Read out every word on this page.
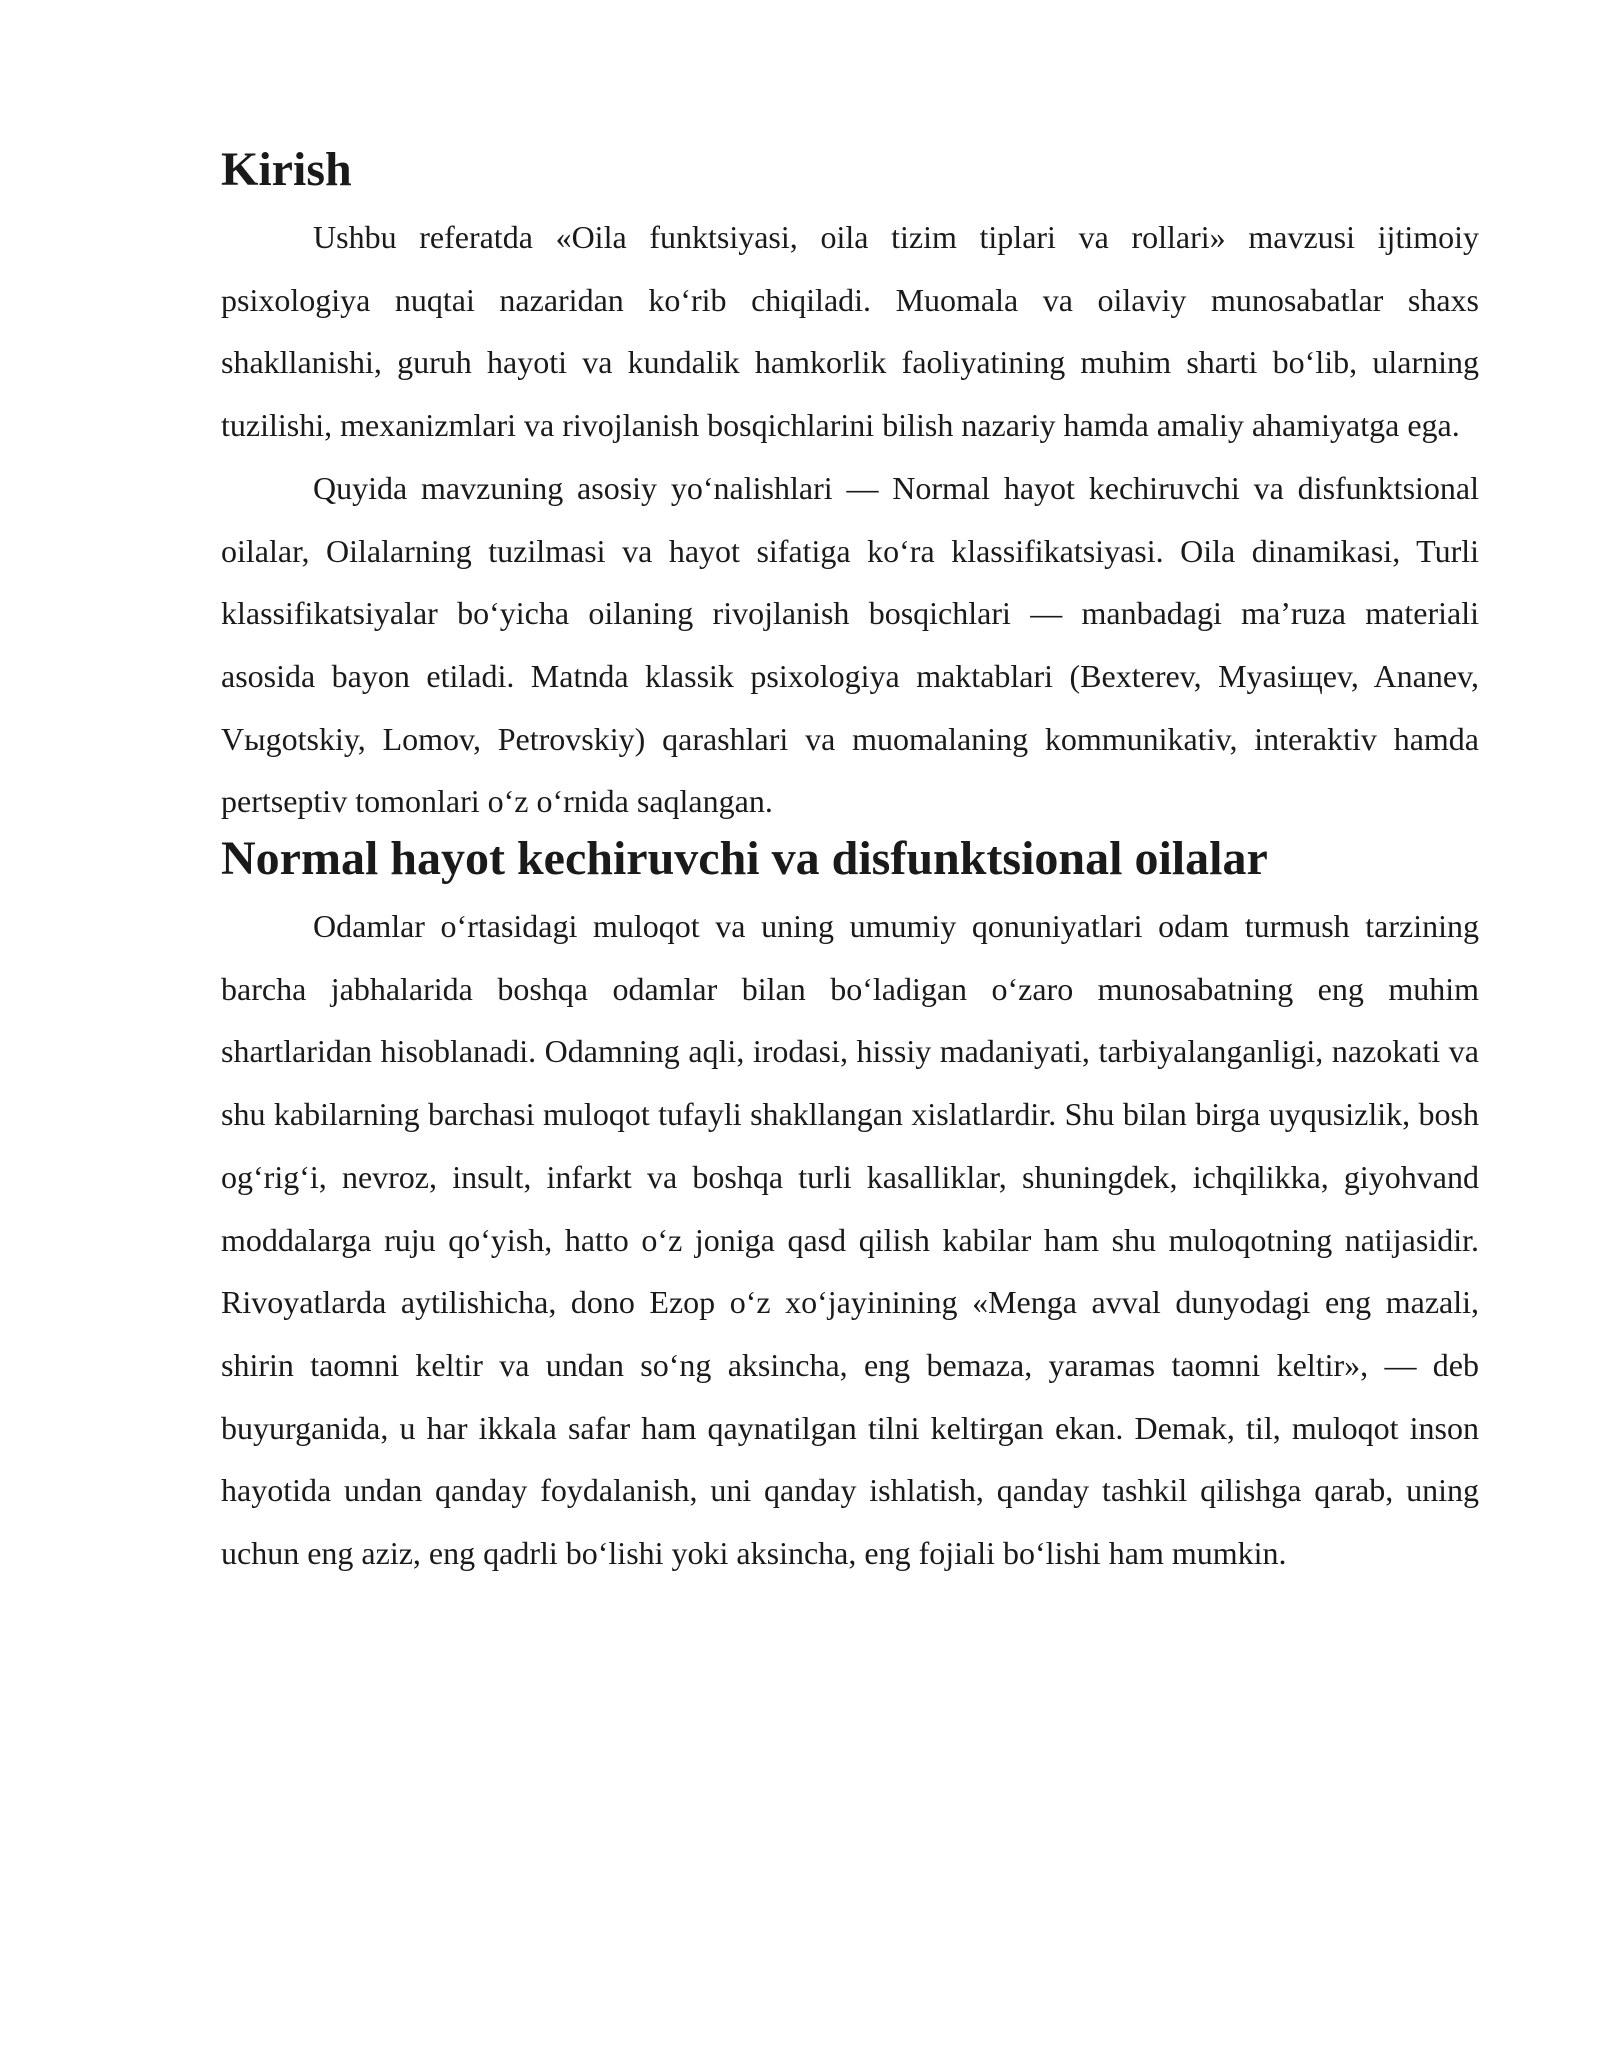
Kirish

Ushbu referatda «Oila funktsiyasi, oila tizim tiplari va rollari» mavzusi ijtimoiy psixologiya nuqtai nazaridan koʻrib chiqiladi. Muomala va oilaviy munosabatlar shaxs shakllanishi, guruh hayoti va kundalik hamkorlik faoliyatining muhim sharti boʻlib, ularning tuzilishi, mexanizmlari va rivojlanish bosqichlarini bilish nazariy hamda amaliy ahamiyatga ega.

Quyida mavzuning asosiy yoʻnalishlari — Normal hayot kechiruvchi va disfunktsional oilalar, Oilalarning tuzilmasi va hayot sifatiga koʻra klassifikatsiyasi. Oila dinamikasi, Turli klassifikatsiyalar boʻyicha oilaning rivojlanish bosqichlari — manbadagi ma’ruza materiali asosida bayon etiladi. Matnda klassik psixologiya maktablari (Bexterev, Myasiщev, Ananev, Vыgotskiy, Lomov, Petrovskiy) qarashlari va muomalaning kommunikativ, interaktiv hamda pertseptiv tomonlari oʻz oʻrnida saqlangan.

Normal hayot kechiruvchi va disfunktsional oilalar

Odamlar oʻrtasidagi muloqot va uning umumiy qonuniyatlari odam turmush tarzining barcha jabhalarida boshqa odamlar bilan boʻladigan oʻzaro munosabatning eng muhim shartlaridan hisoblanadi. Odamning aqli, irodasi, hissiy madaniyati, tarbiyalanganligi, nazokati va shu kabilarning barchasi muloqot tufayli shakllangan xislatlardir. Shu bilan birga uyqusizlik, bosh ogʻrigʻi, nevroz, insult, infarkt va boshqa turli kasalliklar, shuningdek, ichqilikka, giyohvand moddalarga ruju qoʻyish, hatto oʻz joniga qasd qilish kabilar ham shu muloqotning natijasidir. Rivoyatlarda aytilishicha, dono Ezop oʻz xoʻjayinining «Menga avval dunyodagi eng mazali, shirin taomni keltir va undan soʻng aksincha, eng bemaza, yaramas taomni keltir», — deb buyurganida, u har ikkala safar ham qaynatilgan tilni keltirgan ekan. Demak, til, muloqot inson hayotida undan qanday foydalanish, uni qanday ishlatish, qanday tashkil qilishga qarab, uning uchun eng aziz, eng qadrli boʻlishi yoki aksincha, eng fojiali boʻlishi ham mumkin.
